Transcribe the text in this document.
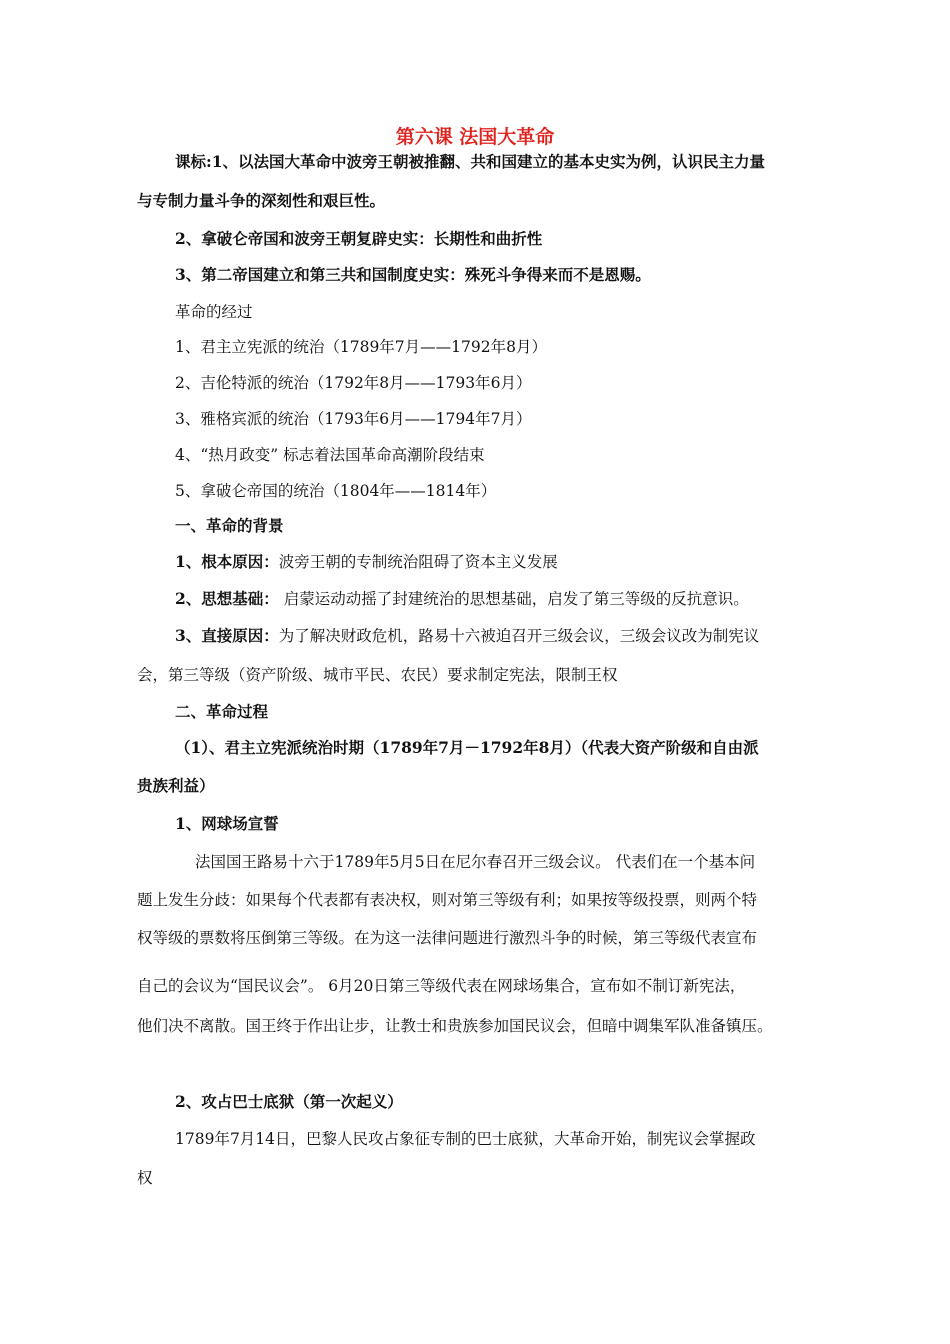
第六课 法国大革命
课标:1、以法国大革命中波旁王朝被推翻、共和国建立的基本史实为例，认识民主力量
与专制力量斗争的深刻性和艰巨性。
2、拿破仑帝国和波旁王朝复辟史实：长期性和曲折性
3、第二帝国建立和第三共和国制度史实：殊死斗争得来而不是恩赐。
革命的经过
1、君主立宪派的统治（1789年7月——1792年8月）
2、吉伦特派的统治（1792年8月——1793年6月）
3、雅格宾派的统治（1793年6月——1794年7月）
4、“热月政变” 标志着法国革命高潮阶段结束
5、拿破仑帝国的统治（1804年——1814年）
一、革命的背景
1、根本原因：波旁王朝的专制统治阻碍了资本主义发展
2、思想基础： 启蒙运动动摇了封建统治的思想基础，启发了第三等级的反抗意识。
3、直接原因：为了解决财政危机，路易十六被迫召开三级会议，三级会议改为制宪议
会，第三等级（资产阶级、城市平民、农民）要求制定宪法，限制王权
二、革命过程
（1）、君主立宪派统治时期（1789年7月－1792年8月）（代表大资产阶级和自由派
贵族利益）
1、网球场宣誓
法国国王路易十六于1789年5月5日在尼尔春召开三级会议。 代表们在一个基本问
题上发生分歧：如果每个代表都有表决权，则对第三等级有利；如果按等级投票，则两个特
权等级的票数将压倒第三等级。在为这一法律问题进行激烈斗争的时候，第三等级代表宣布
自己的会议为“国民议会”。 6月20日第三等级代表在网球场集合，宣布如不制订新宪法，
他们决不离散。国王终于作出让步，让教士和贵族参加国民议会，但暗中调集军队准备镇压。
2、攻占巴士底狱（第一次起义）
1789年7月14日，巴黎人民攻占象征专制的巴士底狱，大革命开始，制宪议会掌握政
权
